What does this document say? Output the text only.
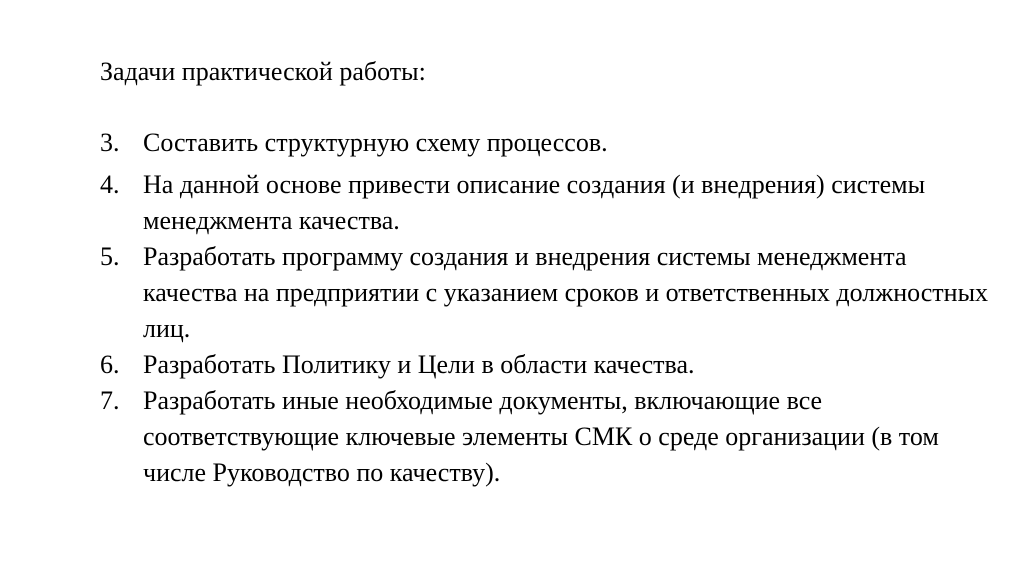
Задачи практической работы:
3. Составить структурную схему процессов.
4. На данной основе привести описание создания (и внедрения) системы менеджмента качества.
5. Разработать программу создания и внедрения системы менеджмента качества на предприятии с указанием сроков и ответственных должностных лиц.
6. Разработать Политику и Цели в области качества.
7. Разработать иные необходимые документы, включающие все соответствующие ключевые элементы СМК о среде организации (в том числе Руководство по качеству).
